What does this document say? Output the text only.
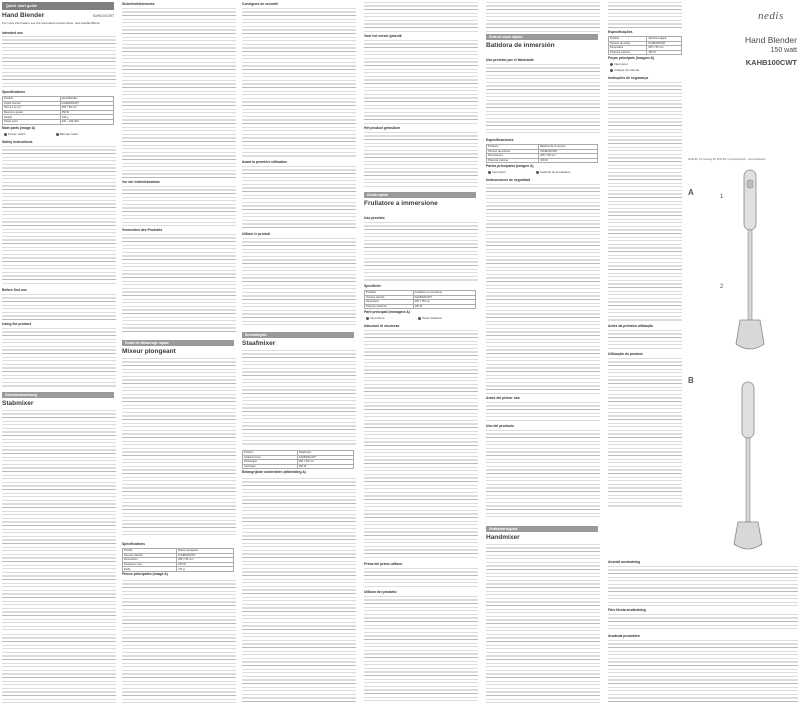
Quick start guide
Hand Blender	KAHB100CWT
For more information see the extended manual online: ned.is/kahb100cwt
Intended use
Specifications
Product	Hand Blender
Article number	KAHB100CWT
Size (l x w x h)	265 × 55 mm
Maximum power	150 W
Weight	720 g
Power input	220 – 240 VAC
Main parts (image A)
Power switch	Blender head
Safety instructions
Before first use
Using the product
Gebruiksanweisung
Stabmixer
Sicherheitshinweise
Vor der Inbetriebnahme
Verwenden des Produkts
Guide de démarrage rapide
Mixeur plongeant
Spécifications
Produit	Mixeur plongeant
Numéro d'article	KAHB100CWT
Dimensions	265 × 55 mm
Puissance max.	150 W
Poids	720 g
Pièces principales (image A)
Consignes de sécurité
Avant la première utilisation
Utiliser le produit
Snelstartgids
Staafmixer
Product	Staafmixer
Artikelnummer	KAHB100CWT
Afmetingen	265 × 55 mm
Vermogen	150 W
Belangrijkste onderdelen (afbeelding A)
Voor het eerste gebruik
Het product gebruiken
Guida rapida
Frullatore a immersione
Uso previsto
Specifiche
Prodotto	Frullatore a immersione
Numero articolo	KAHB100CWT
Dimensioni	265 × 55 mm
Potenza massima	150 W
Parti principali (immagine A)
Interruttore	Testa frullatrice
Istruzioni di sicurezza
Prima del primo utilizzo
Utilizzo del prodotto
Guía de inicio rápido
Batidora de inmersión
Uso previsto por el fabricante
Especificaciones
Producto	Batidora de inmersión
Número de artículo	KAHB100CWT
Dimensiones	265 × 55 mm
Potencia máxima	150 W
Partes principales (imagen A)
Interruptor	Cabezal de la batidora
Instrucciones de seguridad
Antes del primer uso
Uso del producto
Snabbstartsguide
Handmixer
Especificações
Produto	Varinha mágica
Número de artigo	KAHB100CWT
Dimensões	265 × 55 mm
Potência máxima	150 W
Peças principais (imagem A)
Interruptor
Cabeça da varinha
Instruções de segurança
Antes da primeira utilização
Utilização do produto
Avsedd användning
Före första användning
Använda produkten
nedis
Hand Blender
150 watt
KAHB100CWT
Nedis BV, De Tweeling 28, 5215 MC 's-Hertogenbosch – the Netherlands
A	1
2
B
